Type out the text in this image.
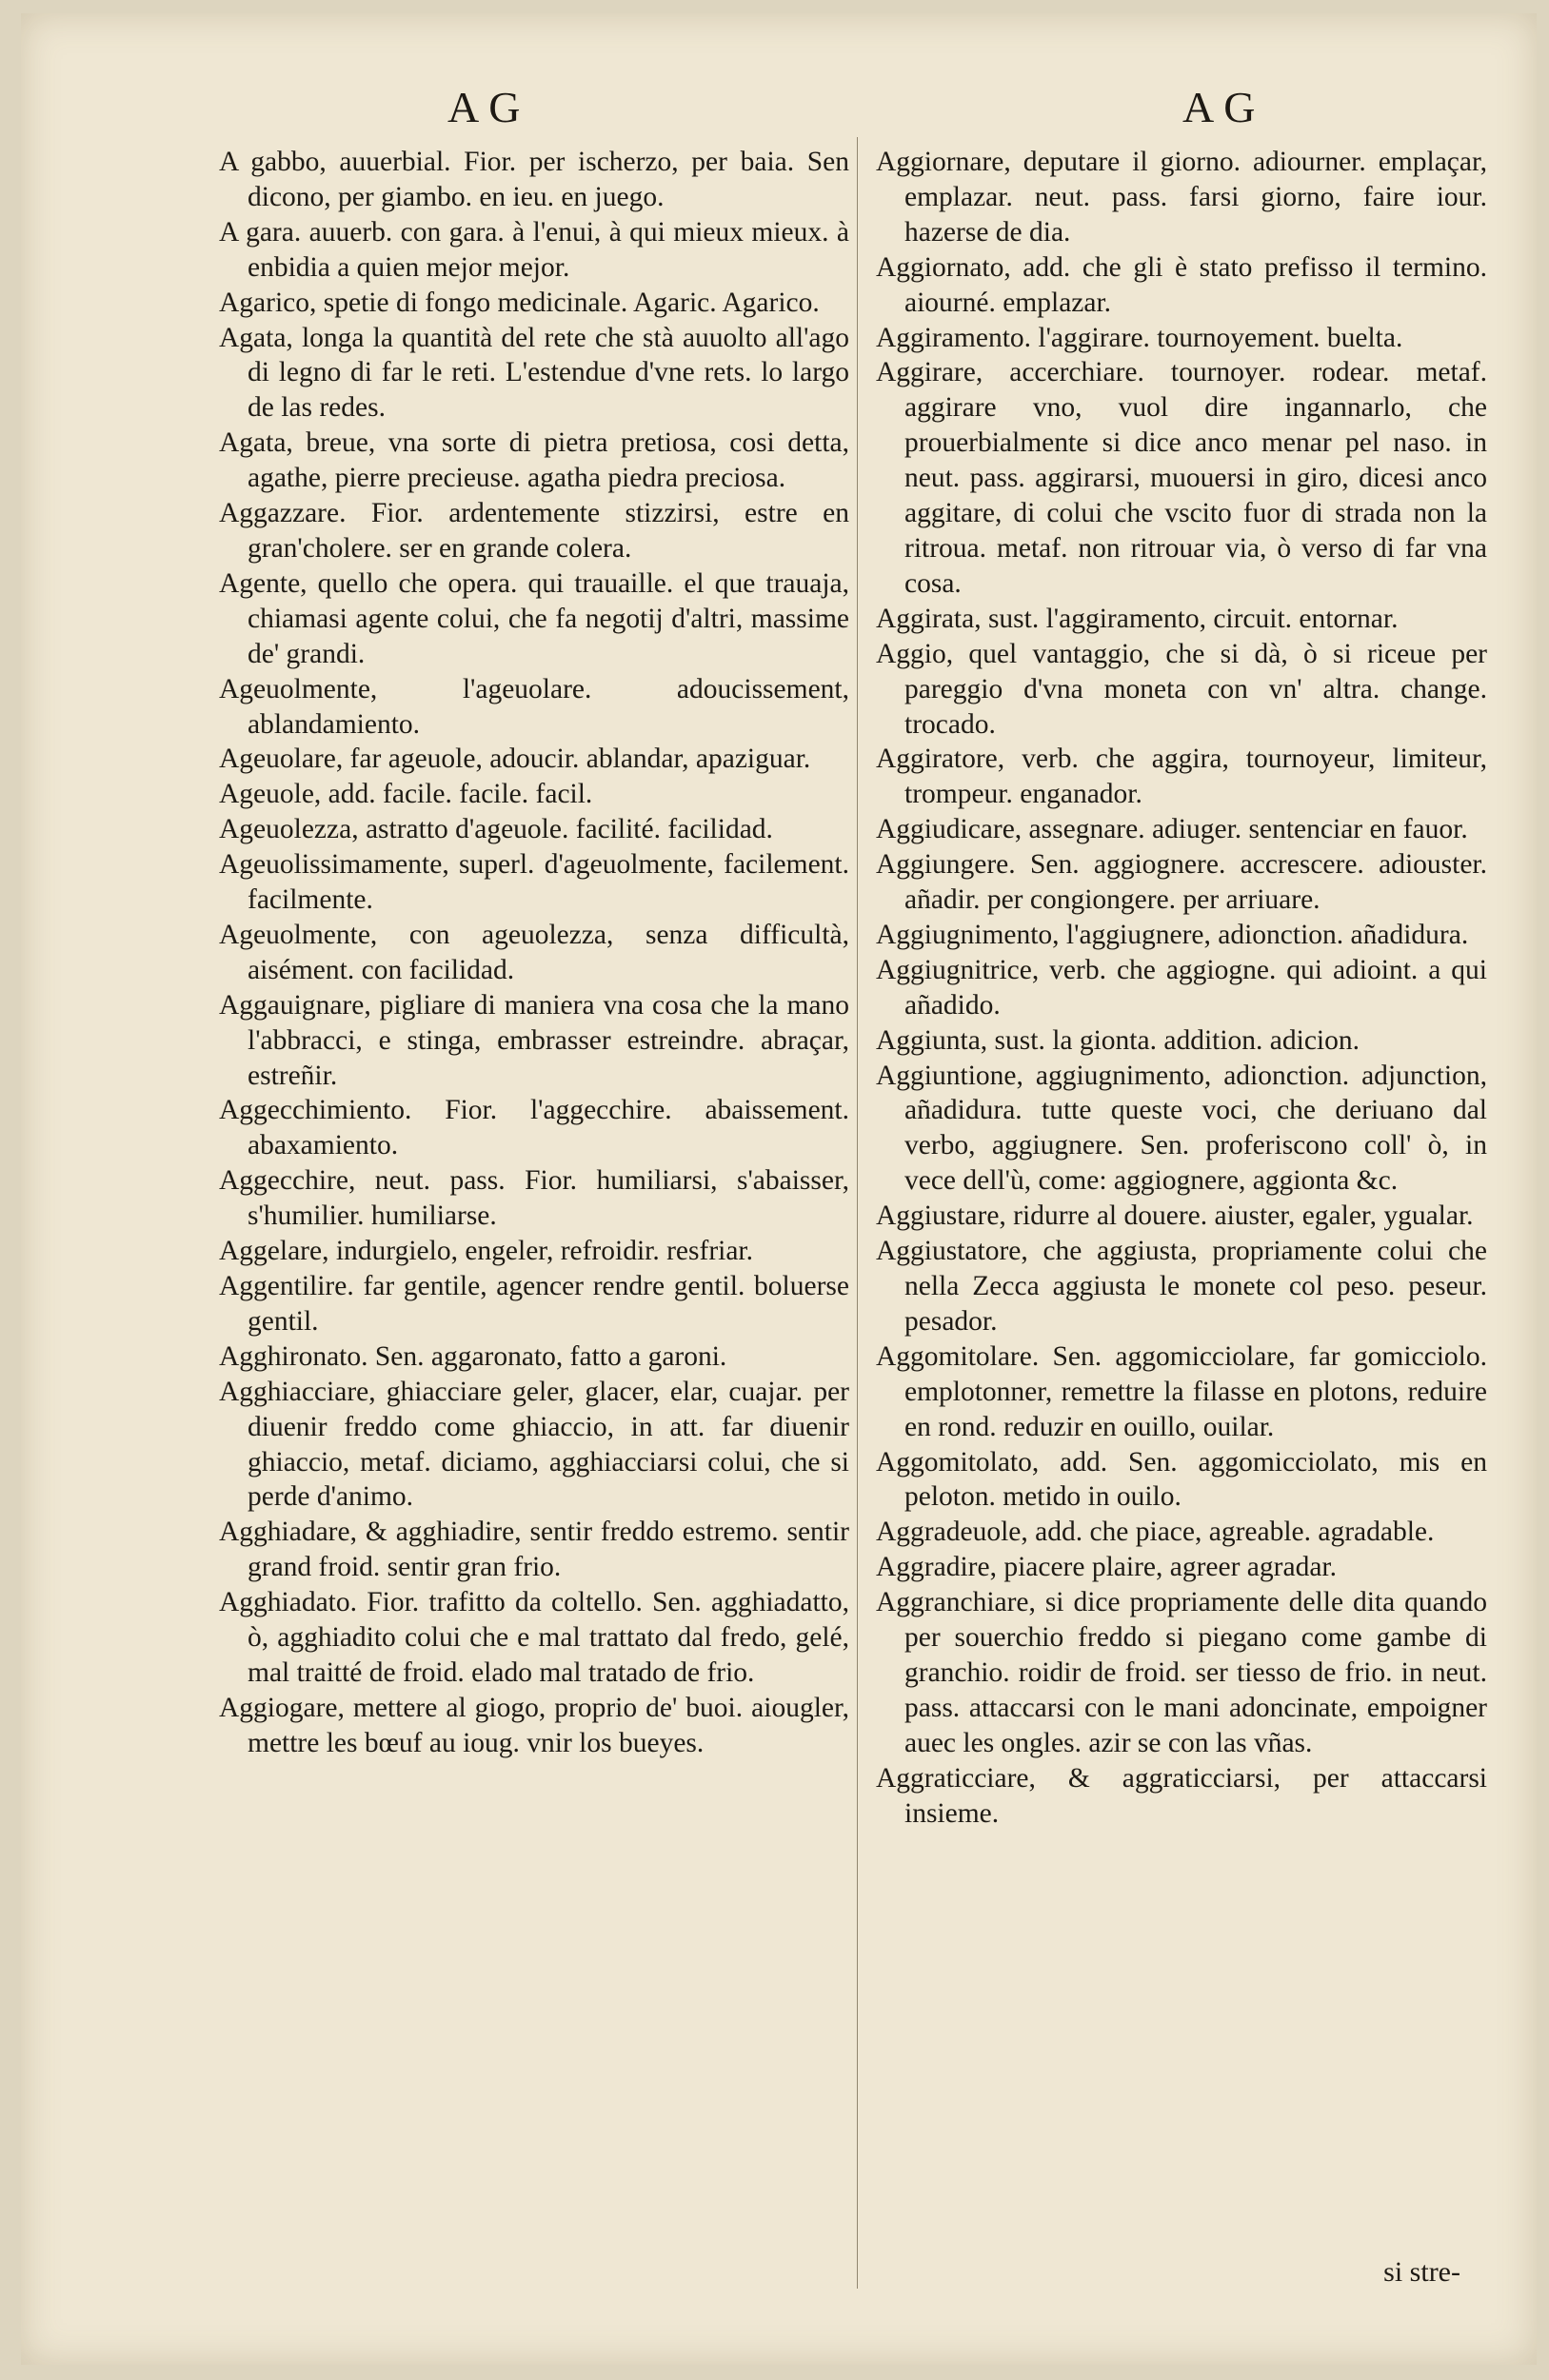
AG	AG

A gabbo, auuerbial. Fior. per ischerzo, per baia. Sen dicono, per giambo. en ieu. en juego.

A gara. auuerb. con gara. à l'enui, à qui mieux mieux. à enbidia a quien mejor mejor.

Agarico, spetie di fongo medicinale. Agaric. Agarico.

Agata, longa la quantità del rete che stà auuolto all'ago di legno di far le reti. L'estendue d'vne rets. lo largo de las redes.

Agata, breue, vna sorte di pietra pretiosa, cosi detta, agathe, pierre precieuse. agatha piedra preciosa.

Aggazzare. Fior. ardentemente stizzirsi, estre en gran'cholere. ser en grande colera.

Agente, quello che opera. qui trauaille. el que trauaja, chiamasi agente colui, che fa negotij d'altri, massime de' grandi.

Ageuolmente, l'ageuolare. adoucissement, ablandamiento.

Ageuolare, far ageuole, adoucir. ablandar, apaziguar.

Ageuole, add. facile. facile. facil.

Ageuolezza, astratto d'ageuole. facilité. facilidad.

Ageuolissimamente, superl. d'ageuolmente, facilement. facilmente.

Ageuolmente, con ageuolezza, senza difficultà, aisément. con facilidad.

Aggauignare, pigliare di maniera vna cosa che la mano l'abbracci, e stinga, embrasser estreindre. abraçar, estreñir.

Aggecchimiento. Fior. l'aggecchire. abaissement. abaxamiento.

Aggecchire, neut. pass. Fior. humiliarsi, s'abaisser, s'humilier. humiliarse.

Aggelare, indurgielo, engeler, refroidir. resfriar.

Aggentilire. far gentile, agencer rendre gentil. boluerse gentil.

Agghironato. Sen. aggaronato, fatto a garoni.

Agghiacciare, ghiacciare geler, glacer, elar, cuajar. per diuenir freddo come ghiaccio, in att. far diuenir ghiaccio, metaf. diciamo, agghiacciarsi colui, che si perde d'animo.

Agghiadare, & agghiadire, sentir freddo estremo. sentir grand froid. sentir gran frio.

Agghiadato. Fior. trafitto da coltello. Sen. agghiadatto, ò, agghiadito colui che e mal trattato dal fredo, gelé, mal traitté de froid. elado mal tratado de frio.

Aggiogare, mettere al giogo, proprio de' buoi. aiougler, mettre les bœuf au ioug. vnir los bueyes.

Aggiornare, deputare il giorno. adiourner. emplaçar, emplazar. neut. pass. farsi giorno, faire iour. hazerse de dia.

Aggiornato, add. che gli è stato prefisso il termino. aiourné. emplazar.

Aggiramento. l'aggirare. tournoyement. buelta.

Aggirare, accerchiare. tournoyer. rodear. metaf. aggirare vno, vuol dire ingannarlo, che prouerbialmente si dice anco menar pel naso. in neut. pass. aggirarsi, muouersi in giro, dicesi anco aggitare, di colui che vscito fuor di strada non la ritroua. metaf. non ritrouar via, ò verso di far vna cosa.

Aggirata, sust. l'aggiramento, circuit. entornar.

Aggio, quel vantaggio, che si dà, ò si riceue per pareggio d'vna moneta con vn' altra. change. trocado.

Aggiratore, verb. che aggira, tournoyeur, limiteur, trompeur. enganador.

Aggiudicare, assegnare. adiuger. sentenciar en fauor.

Aggiungere. Sen. aggiognere. accrescere. adiouster. añadir. per congiongere. per arriuare.

Aggiugnimento, l'aggiugnere, adionction. añadidura.

Aggiugnitrice, verb. che aggiogne. qui adioint. a qui añadido.

Aggiunta, sust. la gionta. addition. adicion.

Aggiuntione, aggiugnimento, adionction. adjunction, añadidura. tutte queste voci, che deriuano dal verbo, aggiugnere. Sen. proferiscono coll' ò, in vece dell'ù, come: aggiognere, aggionta &c.

Aggiustare, ridurre al douere. aiuster, egaler, ygualar.

Aggiustatore, che aggiusta, propriamente colui che nella Zecca aggiusta le monete col peso. peseur. pesador.

Aggomitolare. Sen. aggomicciolare, far gomicciolo. emplotonner, remettre la filasse en plotons, reduire en rond. reduzir en ouillo, ouilar.

Aggomitolato, add. Sen. aggomicciolato, mis en peloton. metido in ouilo.

Aggradeuole, add. che piace, agreable. agradable.

Aggradire, piacere plaire, agreer agradar.

Aggranchiare, si dice propriamente delle dita quando per souerchio freddo si piegano come gambe di granchio. roidir de froid. ser tiesso de frio. in neut. pass. attaccarsi con le mani adoncinate, empoigner auec les ongles. azir se con las vñas.

Aggraticciare, & aggraticciarsi, per attaccarsi insieme.

si stre-
